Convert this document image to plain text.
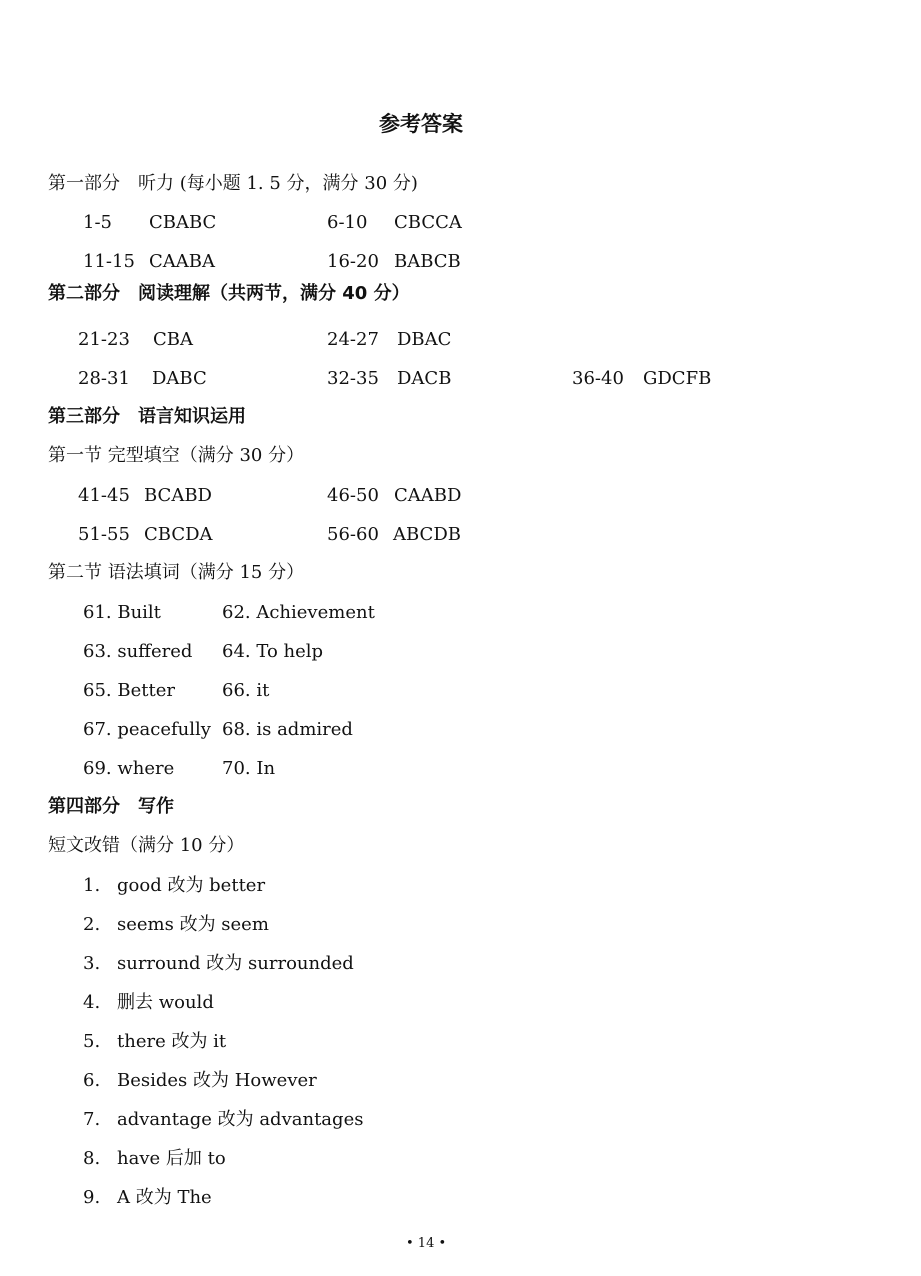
参考答案
第一部分　听力 (每小题 1. 5 分，满分 30 分)
1-5 CBABC	6-10 CBCCA
11-15 CAABA	16-20 BABCB
第二部分　阅读理解（共两节，满分 40 分）
21-23 CBA	24-27 DBAC
28-31 DABC	32-35 DACB	36-40 GDCFB
第三部分　语言知识运用
第一节 完型填空（满分 30 分）
41-45 BCABD	46-50 CAABD
51-55 CBCDA	56-60 ABCDB
第二节 语法填词（满分 15 分）
61. Built	62. Achievement
63. suffered 64. To help
65. Better	66. it
67. peacefully 68. is admired
69. where	70. In
第四部分　写作
短文改错（满分 10 分）
1. good 改为 better
2. seems 改为 seem
3. surround 改为 surrounded
4. 删去 would
5. there 改为 it
6. Besides 改为 However
7. advantage 改为 advantages
8. have 后加 to
9. A 改为 The
• 14 •
